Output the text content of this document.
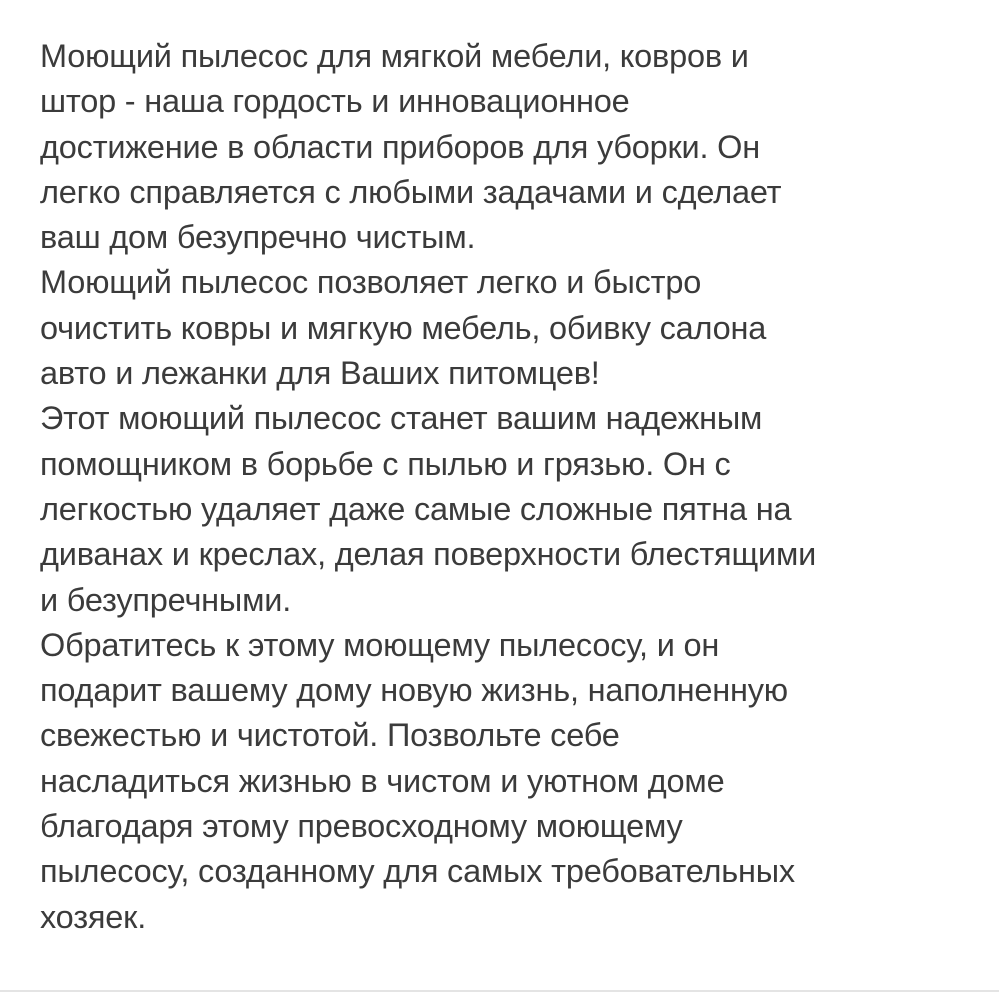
Моющий пылесос для мягкой мебели, ковров и
штор - наша гордость и инновационное
достижение в области приборов для уборки. Он
легко справляется с любыми задачами и сделает
ваш дом безупречно чистым.
Моющий пылесос позволяет легко и быстро
очистить ковры и мягкую мебель, обивку салона
авто и лежанки для Ваших питомцев!
Этот моющий пылесос станет вашим надежным
помощником в борьбе с пылью и грязью. Он с
легкостью удаляет даже самые сложные пятна на
диванах и креслах, делая поверхности блестящими
и безупречными.
Обратитесь к этому моющему пылесосу, и он
подарит вашему дому новую жизнь, наполненную
свежестью и чистотой. Позвольте себе
насладиться жизнью в чистом и уютном доме
благодаря этому превосходному моющему
пылесосу, созданному для самых требовательных
хозяек.
